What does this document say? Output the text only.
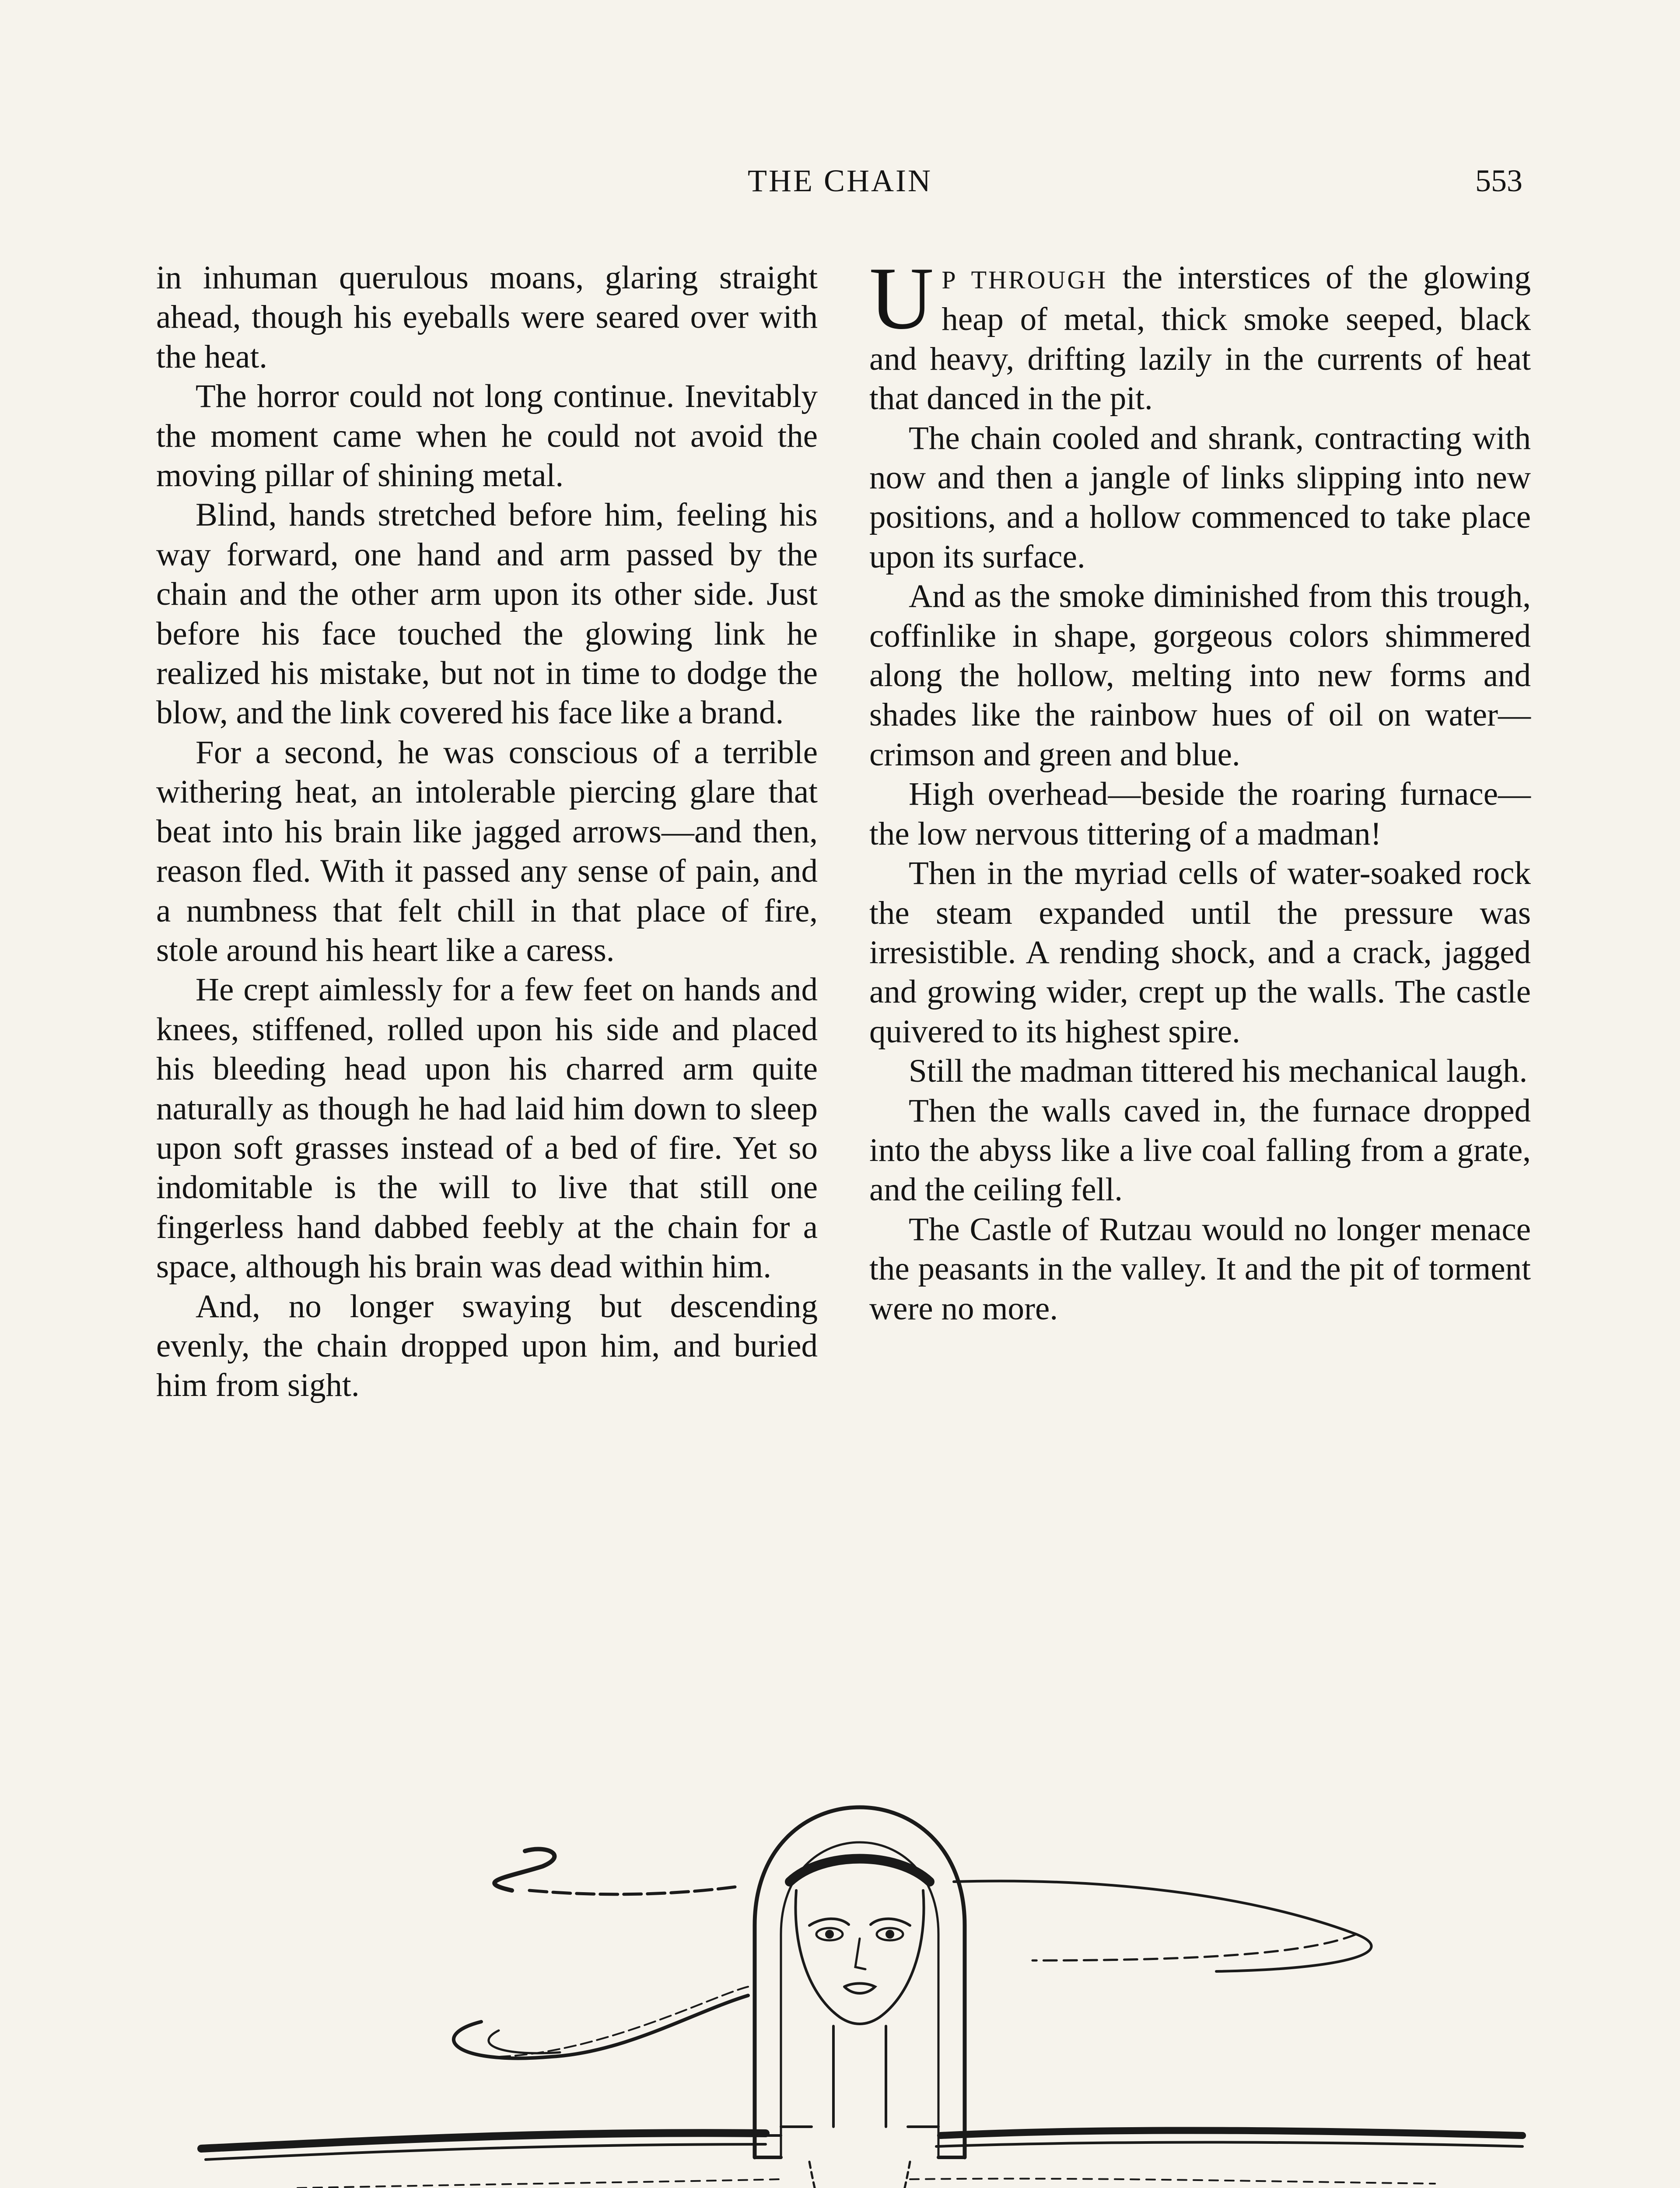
THE CHAIN	553

in inhuman querulous moans, glaring straight ahead, though his eyeballs were seared over with the heat.

The horror could not long continue. Inevitably the moment came when he could not avoid the moving pillar of shining metal.

Blind, hands stretched before him, feeling his way forward, one hand and arm passed by the chain and the other arm upon its other side. Just before his face touched the glowing link he realized his mistake, but not in time to dodge the blow, and the link covered his face like a brand.

For a second, he was conscious of a terrible withering heat, an intolerable piercing glare that beat into his brain like jagged arrows—and then, reason fled. With it passed any sense of pain, and a numbness that felt chill in that place of fire, stole around his heart like a caress.

He crept aimlessly for a few feet on hands and knees, stiffened, rolled upon his side and placed his bleeding head upon his charred arm quite naturally as though he had laid him down to sleep upon soft grasses instead of a bed of fire. Yet so indomitable is the will to live that still one fingerless hand dabbed feebly at the chain for a space, although his brain was dead within him.

And, no longer swaying but descending evenly, the chain dropped upon him, and buried him from sight.

U P THROUGH the interstices of the glowing heap of metal, thick smoke seeped, black and heavy, drifting lazily in the currents of heat that danced in the pit.

The chain cooled and shrank, contracting with now and then a jangle of links slipping into new positions, and a hollow commenced to take place upon its surface.

And as the smoke diminished from this trough, coffinlike in shape, gorgeous colors shimmered along the hollow, melting into new forms and shades like the rainbow hues of oil on water—crimson and green and blue.

High overhead—beside the roaring furnace—the low nervous tittering of a madman!

Then in the myriad cells of water-soaked rock the steam expanded until the pressure was irresistible. A rending shock, and a crack, jagged and growing wider, crept up the walls. The castle quivered to its highest spire.

Still the madman tittered his mechanical laugh.

Then the walls caved in, the furnace dropped into the abyss like a live coal falling from a grate, and the ceiling fell.

The Castle of Rutzau would no longer menace the peasants in the valley. It and the pit of torment were no more.
